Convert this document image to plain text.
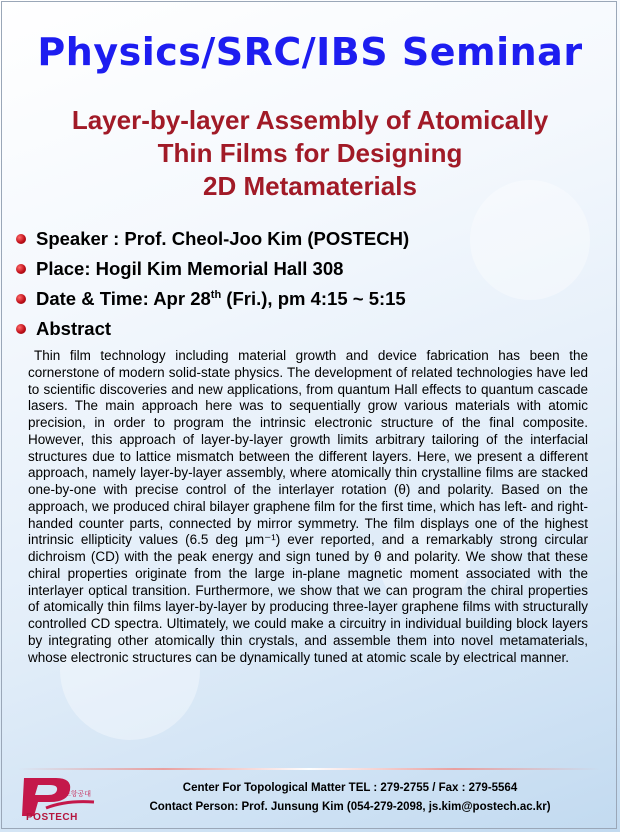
Physics/SRC/IBS Seminar
Layer-by-layer Assembly of Atomically
Thin Films for Designing
2D Metamaterials
Speaker : Prof. Cheol-Joo Kim (POSTECH)
Place: Hogil Kim Memorial Hall 308
Date & Time: Apr 28th (Fri.), pm 4:15 ~ 5:15
Abstract

Thin film technology including material growth and device fabrication has been the cornerstone of modern solid-state physics. The development of related technologies have led to scientific discoveries and new applications, from quantum Hall effects to quantum cascade lasers. The main approach here was to sequentially grow various materials with atomic precision, in order to program the intrinsic electronic structure of the final composite. However, this approach of layer-by-layer growth limits arbitrary tailoring of the interfacial structures due to lattice mismatch between the different layers. Here, we present a different approach, namely layer-by-layer assembly, where atomically thin crystalline films are stacked one-by-one with precise control of the interlayer rotation (θ) and polarity. Based on the approach, we produced chiral bilayer graphene film for the first time, which has left- and right- handed counter parts, connected by mirror symmetry. The film displays one of the highest intrinsic ellipticity values (6.5 deg μm⁻¹) ever reported, and a remarkably strong circular dichroism (CD) with the peak energy and sign tuned by θ and polarity. We show that these chiral properties originate from the large in-plane magnetic moment associated with the interlayer optical transition. Furthermore, we show that we can program the chiral properties of atomically thin films layer-by-layer by producing three-layer graphene films with structurally controlled CD spectra. Ultimately, we could make a circuitry in individual building block layers by integrating other atomically thin crystals, and assemble them into novel metamaterials, whose electronic structures can be dynamically tuned at atomic scale by electrical manner.

포항공대
POSTECH
Center For Topological Matter TEL : 279-2755 / Fax : 279-5564
Contact Person: Prof. Junsung Kim (054-279-2098, js.kim@postech.ac.kr)
